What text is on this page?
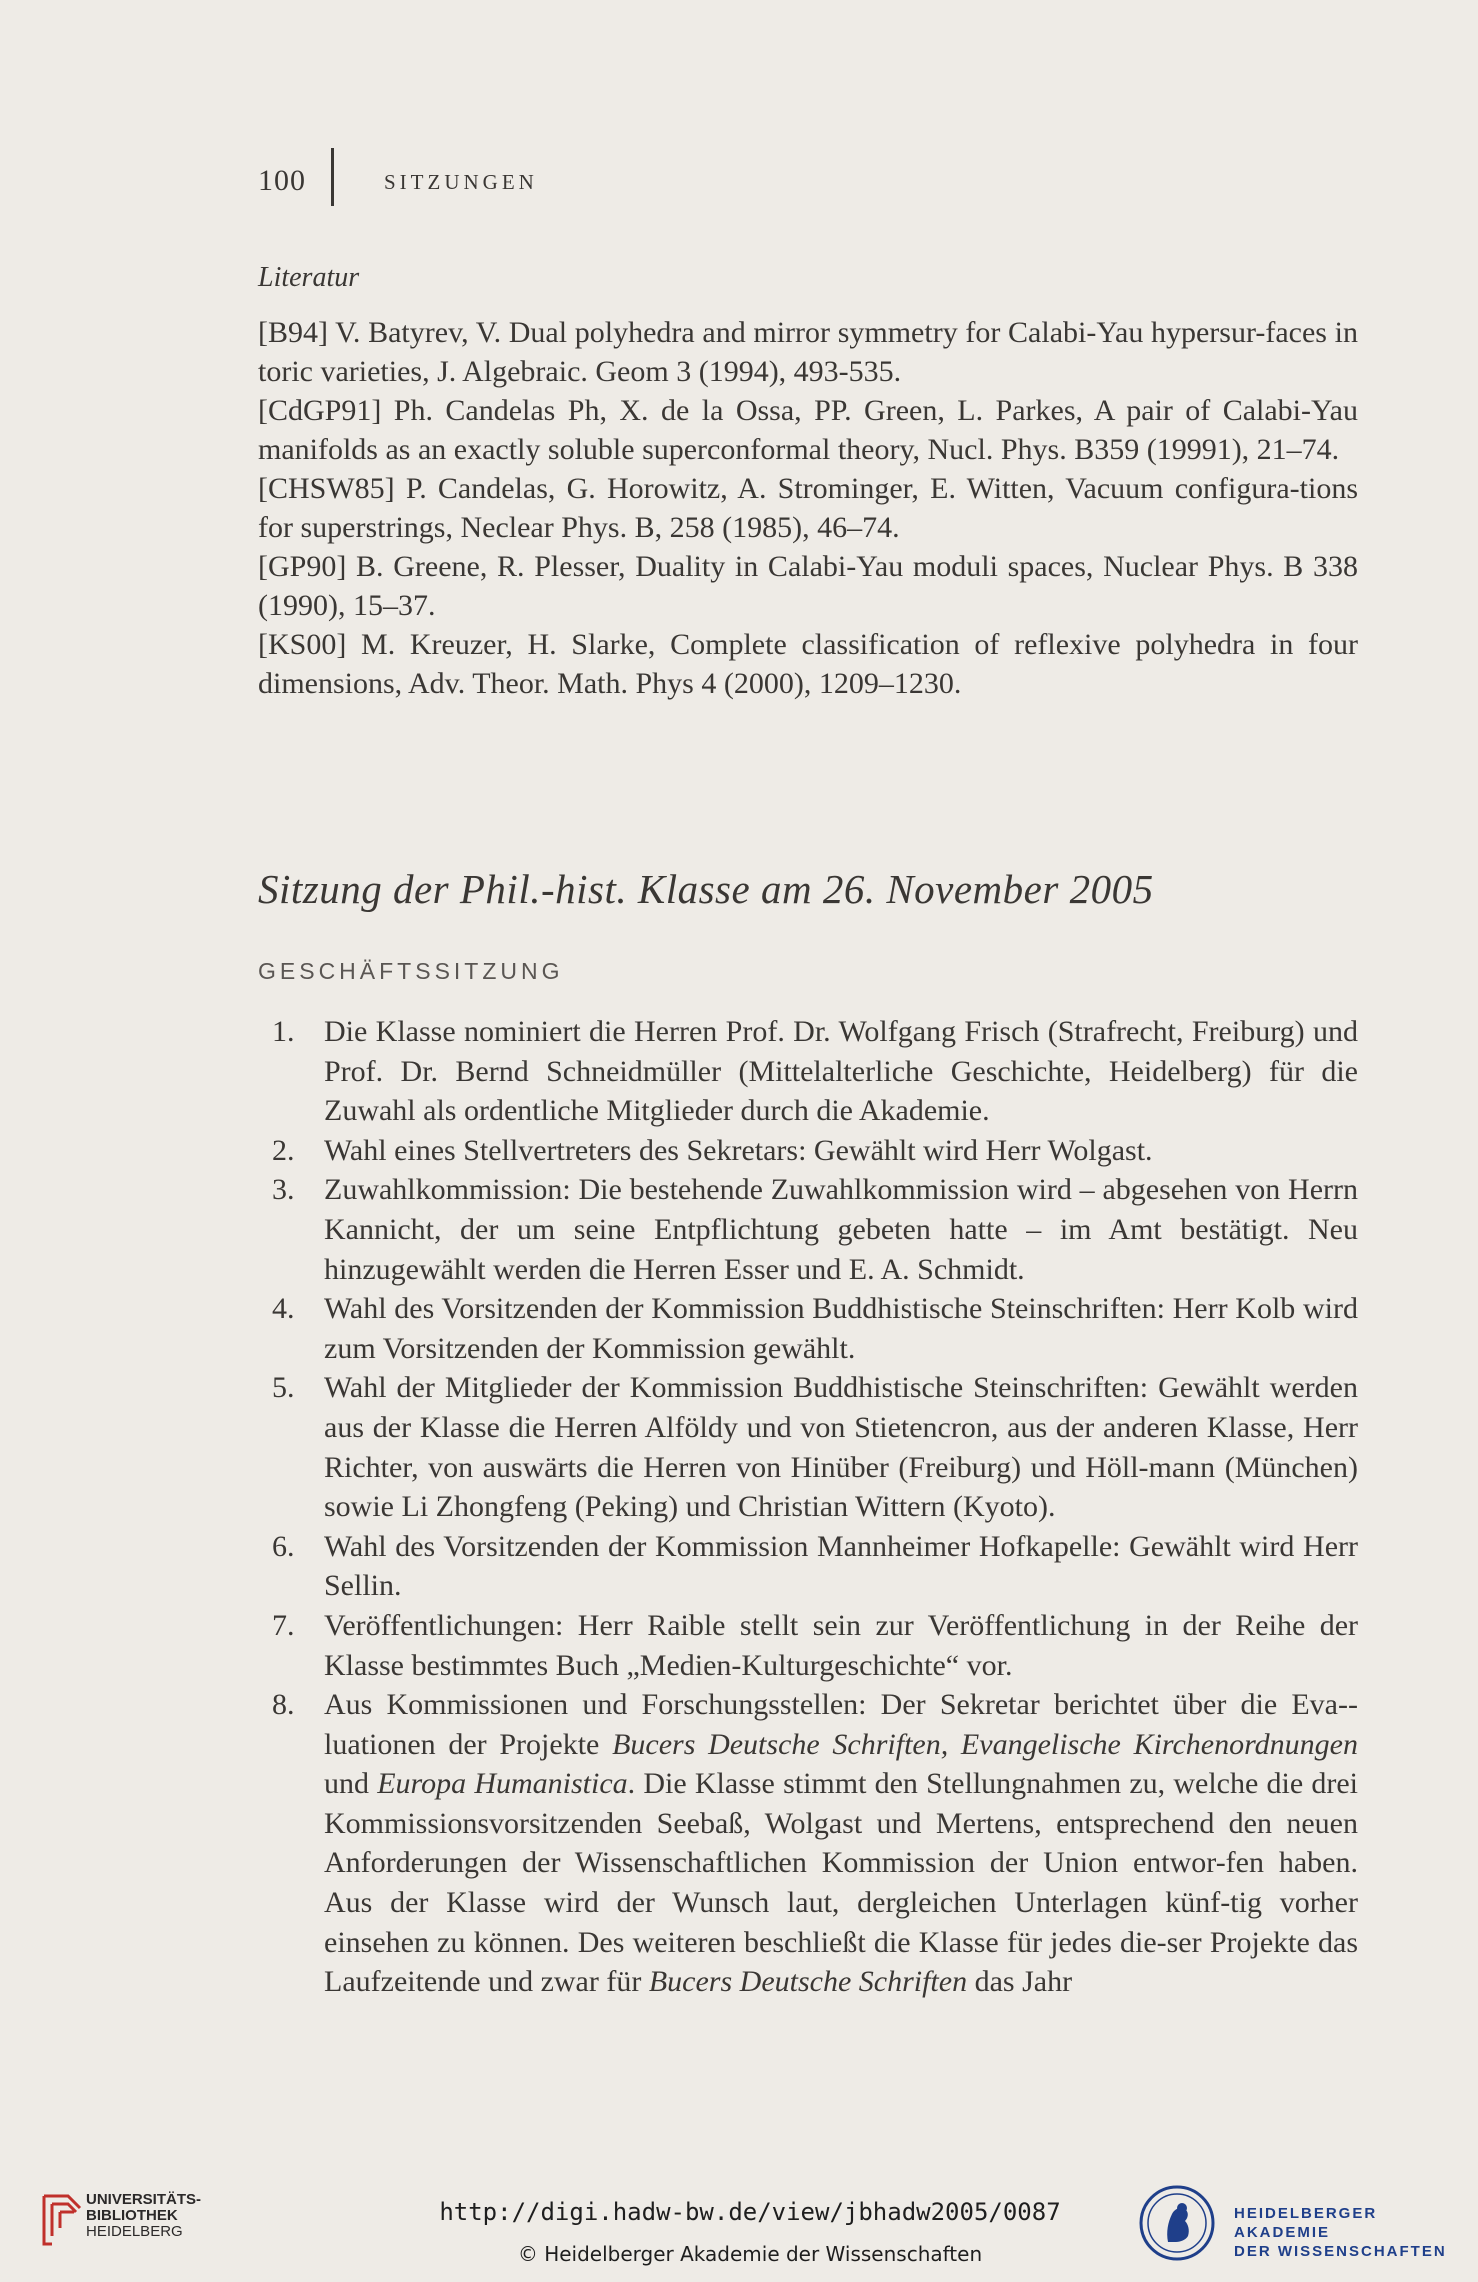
100	SITZUNGEN
Literatur
[B94] V. Batyrev, V. Dual polyhedra and mirror symmetry for Calabi-Yau hypersur-faces in toric varieties, J. Algebraic. Geom 3 (1994), 493-535.
[CdGP91] Ph. Candelas Ph, X. de la Ossa, PP. Green, L. Parkes, A pair of Calabi-Yau manifolds as an exactly soluble superconformal theory, Nucl. Phys. B359 (19991), 21–74.
[CHSW85] P. Candelas, G. Horowitz, A. Strominger, E. Witten, Vacuum configura-tions for superstrings, Neclear Phys. B, 258 (1985), 46–74.
[GP90] B. Greene, R. Plesser, Duality in Calabi-Yau moduli spaces, Nuclear Phys. B 338 (1990), 15–37.
[KS00] M. Kreuzer, H. Slarke, Complete classification of reflexive polyhedra in four dimensions, Adv. Theor. Math. Phys 4 (2000), 1209–1230.
Sitzung der Phil.-hist. Klasse am 26. November 2005
GESCHÄFTSSITZUNG
1. Die Klasse nominiert die Herren Prof. Dr. Wolfgang Frisch (Strafrecht, Freiburg) und Prof. Dr. Bernd Schneidmüller (Mittelalterliche Geschichte, Heidelberg) für die Zuwahl als ordentliche Mitglieder durch die Akademie.
2. Wahl eines Stellvertreters des Sekretars: Gewählt wird Herr Wolgast.
3. Zuwahlkommission: Die bestehende Zuwahlkommission wird – abgesehen von Herrn Kannicht, der um seine Entpflichtung gebeten hatte – im Amt bestätigt. Neu hinzugewählt werden die Herren Esser und E. A. Schmidt.
4. Wahl des Vorsitzenden der Kommission Buddhistische Steinschriften: Herr Kolb wird zum Vorsitzenden der Kommission gewählt.
5. Wahl der Mitglieder der Kommission Buddhistische Steinschriften: Gewählt werden aus der Klasse die Herren Alföldy und von Stietencron, aus der anderen Klasse, Herr Richter, von auswärts die Herren von Hinüber (Freiburg) und Höll-mann (München) sowie Li Zhongfeng (Peking) und Christian Wittern (Kyoto).
6. Wahl des Vorsitzenden der Kommission Mannheimer Hofkapelle: Gewählt wird Herr Sellin.
7. Veröffentlichungen: Herr Raible stellt sein zur Veröffentlichung in der Reihe der Klasse bestimmtes Buch „Medien-Kulturgeschichte“ vor.
8. Aus Kommissionen und Forschungsstellen: Der Sekretar berichtet über die Eva-luationen der Projekte Bucers Deutsche Schriften, Evangelische Kirchenordnungen und Europa Humanistica. Die Klasse stimmt den Stellungnahmen zu, welche die drei Kommissionsvorsitzenden Seebaß, Wolgast und Mertens, entsprechend den neuen Anforderungen der Wissenschaftlichen Kommission der Union entwor-fen haben. Aus der Klasse wird der Wunsch laut, dergleichen Unterlagen künf-tig vorher einsehen zu können. Des weiteren beschließt die Klasse für jedes die-ser Projekte das Laufzeitende und zwar für Bucers Deutsche Schriften das Jahr
UNIVERSITÄTS-
BIBLIOTHEK
HEIDELBERG
http://digi.hadw-bw.de/view/jbhadw2005/0087
© Heidelberger Akademie der Wissenschaften
HEIDELBERGER AKADEMIE
DER WISSENSCHAFTEN
